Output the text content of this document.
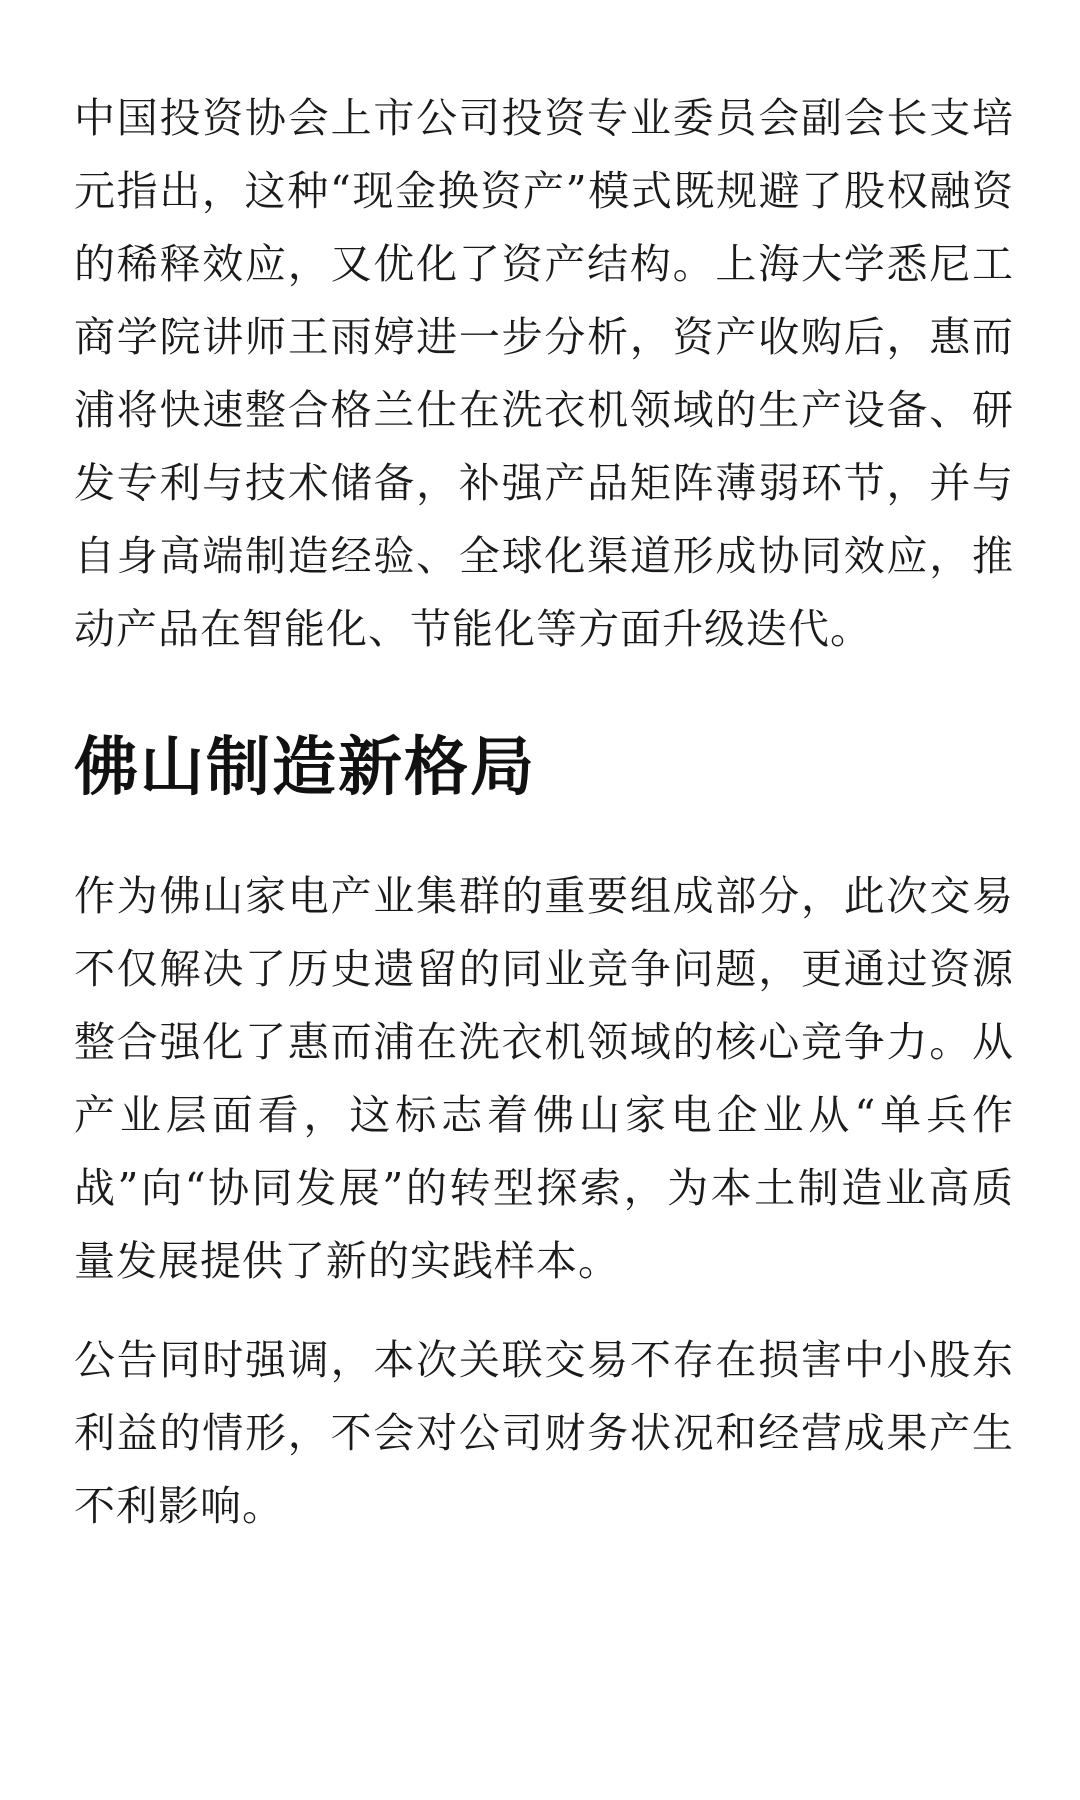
中国投资协会上市公司投资专业委员会副会长支培元指出，这种“现金换资产”模式既规避了股权融资的稀释效应，又优化了资产结构。上海大学悉尼工商学院讲师王雨婷进一步分析，资产收购后，惠而浦将快速整合格兰仕在洗衣机领域的生产设备、研发专利与技术储备，补强产品矩阵薄弱环节，并与自身高端制造经验、全球化渠道形成协同效应，推动产品在智能化、节能化等方面升级迭代。

佛山制造新格局

作为佛山家电产业集群的重要组成部分，此次交易不仅解决了历史遗留的同业竞争问题，更通过资源整合强化了惠而浦在洗衣机领域的核心竞争力。从产业层面看，这标志着佛山家电企业从“单兵作战”向“协同发展”的转型探索，为本土制造业高质量发展提供了新的实践样本。

公告同时强调，本次关联交易不存在损害中小股东利益的情形，不会对公司财务状况和经营成果产生不利影响。
